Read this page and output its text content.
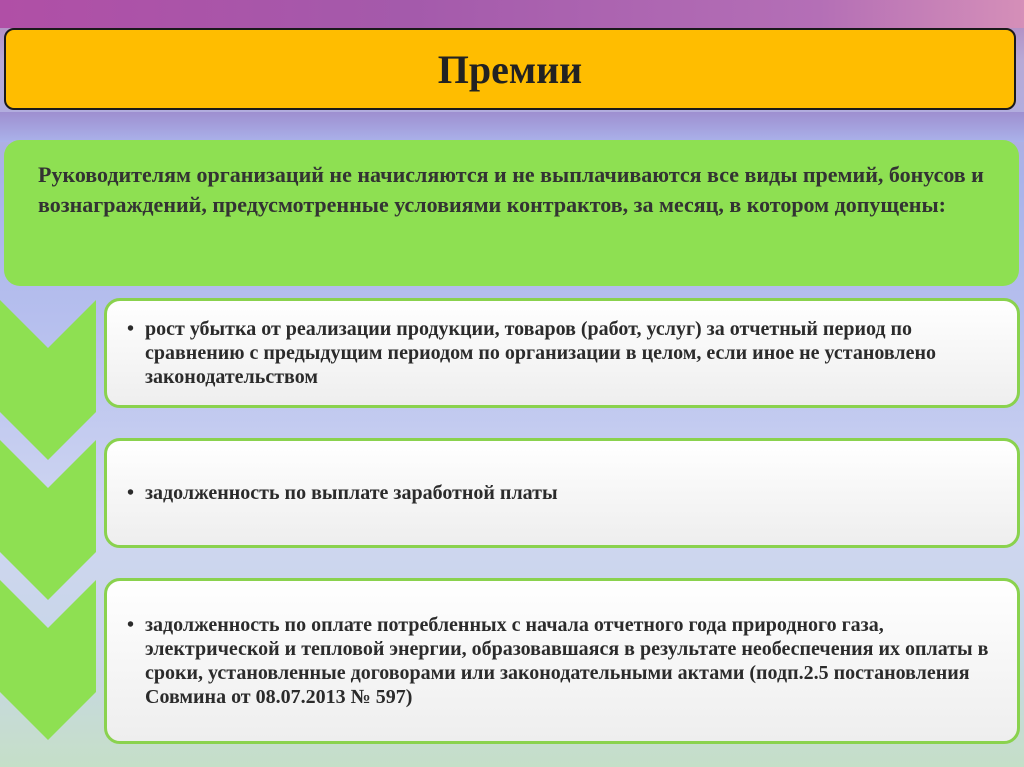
Премии
Руководителям организаций не начисляются и не выплачиваются все виды премий, бонусов и вознаграждений, предусмотренные условиями контрактов, за месяц, в котором допущены:
• рост убытка от реализации продукции, товаров (работ, услуг) за отчетный период по сравнению с предыдущим периодом по организации в целом, если иное не установлено законодательством
• задолженность по выплате заработной платы
• задолженность по оплате потребленных с начала отчетного года природного газа, электрической и тепловой энергии, образовавшаяся в результате необеспечения их оплаты в сроки, установленные договорами или законодательными актами (подп.2.5 постановления Совмина от 08.07.2013 № 597)
